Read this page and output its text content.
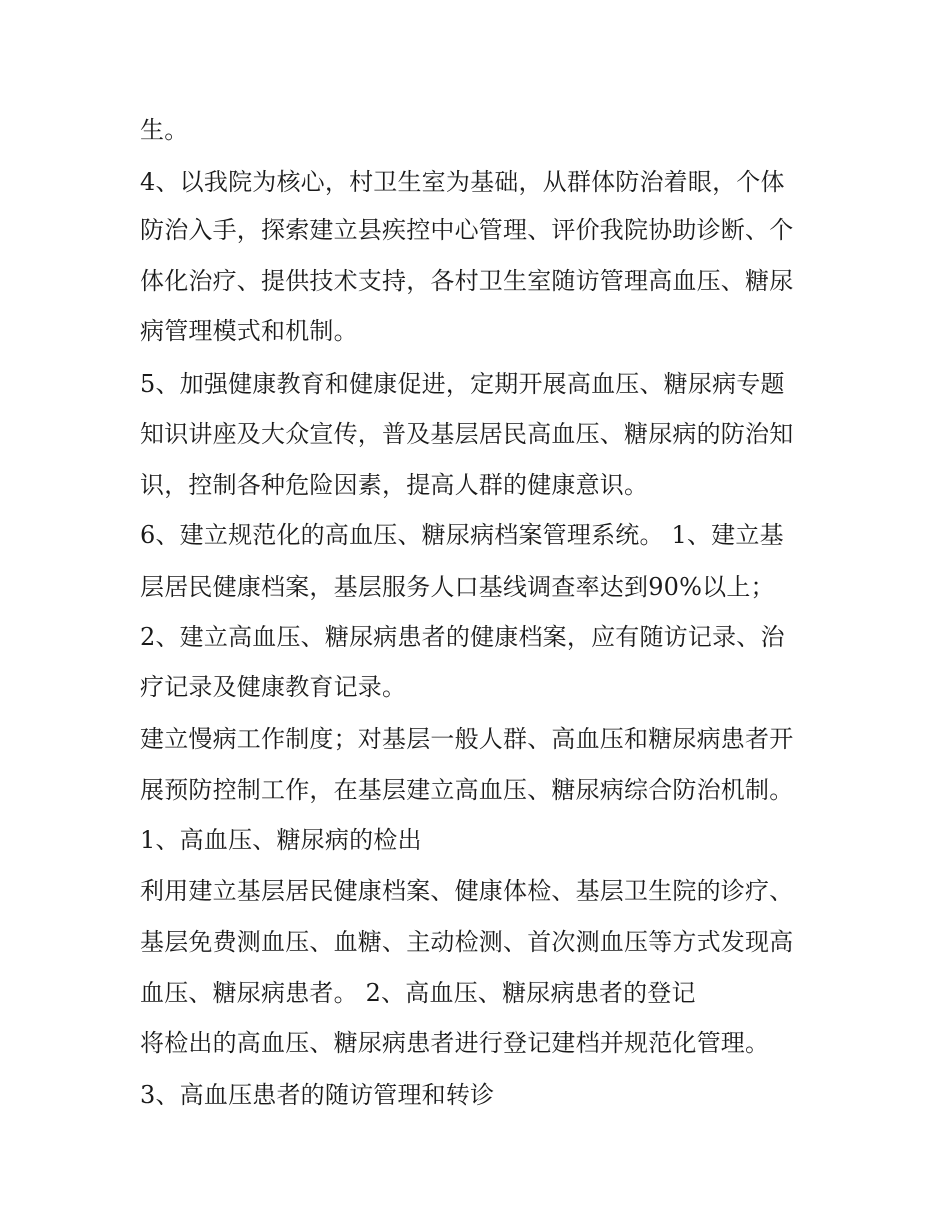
生。
4、以我院为核心，村卫生室为基础，从群体防治着眼，个体
防治入手，探索建立县疾控中心管理、评价我院协助诊断、个
体化治疗、提供技术支持，各村卫生室随访管理高血压、糖尿
病管理模式和机制。
5、加强健康教育和健康促进，定期开展高血压、糖尿病专题
知识讲座及大众宣传，普及基层居民高血压、糖尿病的防治知
识，控制各种危险因素，提高人群的健康意识。
6、建立规范化的高血压、糖尿病档案管理系统。 1、建立基
层居民健康档案，基层服务人口基线调查率达到90%以上；
2、建立高血压、糖尿病患者的健康档案，应有随访记录、治
疗记录及健康教育记录。
建立慢病工作制度；对基层一般人群、高血压和糖尿病患者开
展预防控制工作，在基层建立高血压、糖尿病综合防治机制。
1、高血压、糖尿病的检出
利用建立基层居民健康档案、健康体检、基层卫生院的诊疗、
基层免费测血压、血糖、主动检测、首次测血压等方式发现高
血压、糖尿病患者。 2、高血压、糖尿病患者的登记
将检出的高血压、糖尿病患者进行登记建档并规范化管理。
3、高血压患者的随访管理和转诊
